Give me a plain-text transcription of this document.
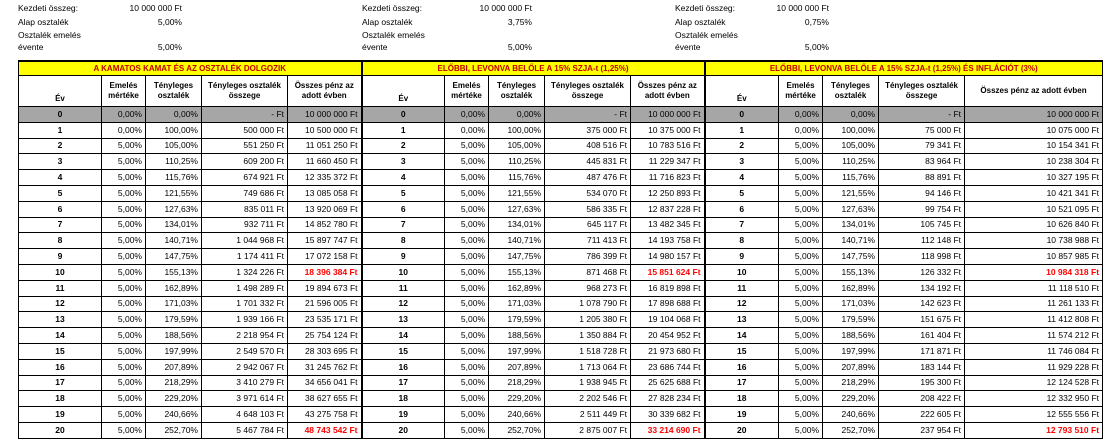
Kezdeti összeg:	10 000 000 Ft
Alap osztalék	5,00%
Osztalék emelés
évente	5,00%
Kezdeti összeg:	10 000 000 Ft
Alap osztalék	3,75%
Osztalék emelés
évente	5,00%
Kezdeti összeg:	10 000 000 Ft
Alap osztalék	0,75%
Osztalék emelés
évente	5,00%
A KAMATOS KAMAT ÉS AZ OSZTALÉK DOLGOZIK					ELŐBBI, LEVONVA BELŐLE A 15% SZJA-t (1,25%)					ELŐBBI, LEVONVA BELŐLE A 15% SZJA-t (1,25%) ÉS INFLÁCIÓT (3%)				
Év	Emelés mértéke	Tényleges osztalék	Tényleges osztalék összege	Összes pénz az adott évben	Év	Emelés mértéke	Tényleges osztalék	Tényleges osztalék összege	Összes pénz az adott évben	Év	Emelés mértéke	Tényleges osztalék	Tényleges osztalék összege	Összes pénz az adott évben
0	0,00%	0,00%	- Ft	10 000 000 Ft	0	0,00%	0,00%	- Ft	10 000 000 Ft	0	0,00%	0,00%	- Ft	10 000 000 Ft
1	0,00%	100,00%	500 000 Ft	10 500 000 Ft	1	0,00%	100,00%	375 000 Ft	10 375 000 Ft	1	0,00%	100,00%	75 000 Ft	10 075 000 Ft
2	5,00%	105,00%	551 250 Ft	11 051 250 Ft	2	5,00%	105,00%	408 516 Ft	10 783 516 Ft	2	5,00%	105,00%	79 341 Ft	10 154 341 Ft
3	5,00%	110,25%	609 200 Ft	11 660 450 Ft	3	5,00%	110,25%	445 831 Ft	11 229 347 Ft	3	5,00%	110,25%	83 964 Ft	10 238 304 Ft
4	5,00%	115,76%	674 921 Ft	12 335 372 Ft	4	5,00%	115,76%	487 476 Ft	11 716 823 Ft	4	5,00%	115,76%	88 891 Ft	10 327 195 Ft
5	5,00%	121,55%	749 686 Ft	13 085 058 Ft	5	5,00%	121,55%	534 070 Ft	12 250 893 Ft	5	5,00%	121,55%	94 146 Ft	10 421 341 Ft
6	5,00%	127,63%	835 011 Ft	13 920 069 Ft	6	5,00%	127,63%	586 335 Ft	12 837 228 Ft	6	5,00%	127,63%	99 754 Ft	10 521 095 Ft
7	5,00%	134,01%	932 711 Ft	14 852 780 Ft	7	5,00%	134,01%	645 117 Ft	13 482 345 Ft	7	5,00%	134,01%	105 745 Ft	10 626 840 Ft
8	5,00%	140,71%	1 044 968 Ft	15 897 747 Ft	8	5,00%	140,71%	711 413 Ft	14 193 758 Ft	8	5,00%	140,71%	112 148 Ft	10 738 988 Ft
9	5,00%	147,75%	1 174 411 Ft	17 072 158 Ft	9	5,00%	147,75%	786 399 Ft	14 980 157 Ft	9	5,00%	147,75%	118 998 Ft	10 857 985 Ft
10	5,00%	155,13%	1 324 226 Ft	18 396 384 Ft	10	5,00%	155,13%	871 468 Ft	15 851 624 Ft	10	5,00%	155,13%	126 332 Ft	10 984 318 Ft
11	5,00%	162,89%	1 498 289 Ft	19 894 673 Ft	11	5,00%	162,89%	968 273 Ft	16 819 898 Ft	11	5,00%	162,89%	134 192 Ft	11 118 510 Ft
12	5,00%	171,03%	1 701 332 Ft	21 596 005 Ft	12	5,00%	171,03%	1 078 790 Ft	17 898 688 Ft	12	5,00%	171,03%	142 623 Ft	11 261 133 Ft
13	5,00%	179,59%	1 939 166 Ft	23 535 171 Ft	13	5,00%	179,59%	1 205 380 Ft	19 104 068 Ft	13	5,00%	179,59%	151 675 Ft	11 412 808 Ft
14	5,00%	188,56%	2 218 954 Ft	25 754 124 Ft	14	5,00%	188,56%	1 350 884 Ft	20 454 952 Ft	14	5,00%	188,56%	161 404 Ft	11 574 212 Ft
15	5,00%	197,99%	2 549 570 Ft	28 303 695 Ft	15	5,00%	197,99%	1 518 728 Ft	21 973 680 Ft	15	5,00%	197,99%	171 871 Ft	11 746 084 Ft
16	5,00%	207,89%	2 942 067 Ft	31 245 762 Ft	16	5,00%	207,89%	1 713 064 Ft	23 686 744 Ft	16	5,00%	207,89%	183 144 Ft	11 929 228 Ft
17	5,00%	218,29%	3 410 279 Ft	34 656 041 Ft	17	5,00%	218,29%	1 938 945 Ft	25 625 688 Ft	17	5,00%	218,29%	195 300 Ft	12 124 528 Ft
18	5,00%	229,20%	3 971 614 Ft	38 627 655 Ft	18	5,00%	229,20%	2 202 546 Ft	27 828 234 Ft	18	5,00%	229,20%	208 422 Ft	12 332 950 Ft
19	5,00%	240,66%	4 648 103 Ft	43 275 758 Ft	19	5,00%	240,66%	2 511 449 Ft	30 339 682 Ft	19	5,00%	240,66%	222 605 Ft	12 555 556 Ft
20	5,00%	252,70%	5 467 784 Ft	48 743 542 Ft	20	5,00%	252,70%	2 875 007 Ft	33 214 690 Ft	20	5,00%	252,70%	237 954 Ft	12 793 510 Ft
